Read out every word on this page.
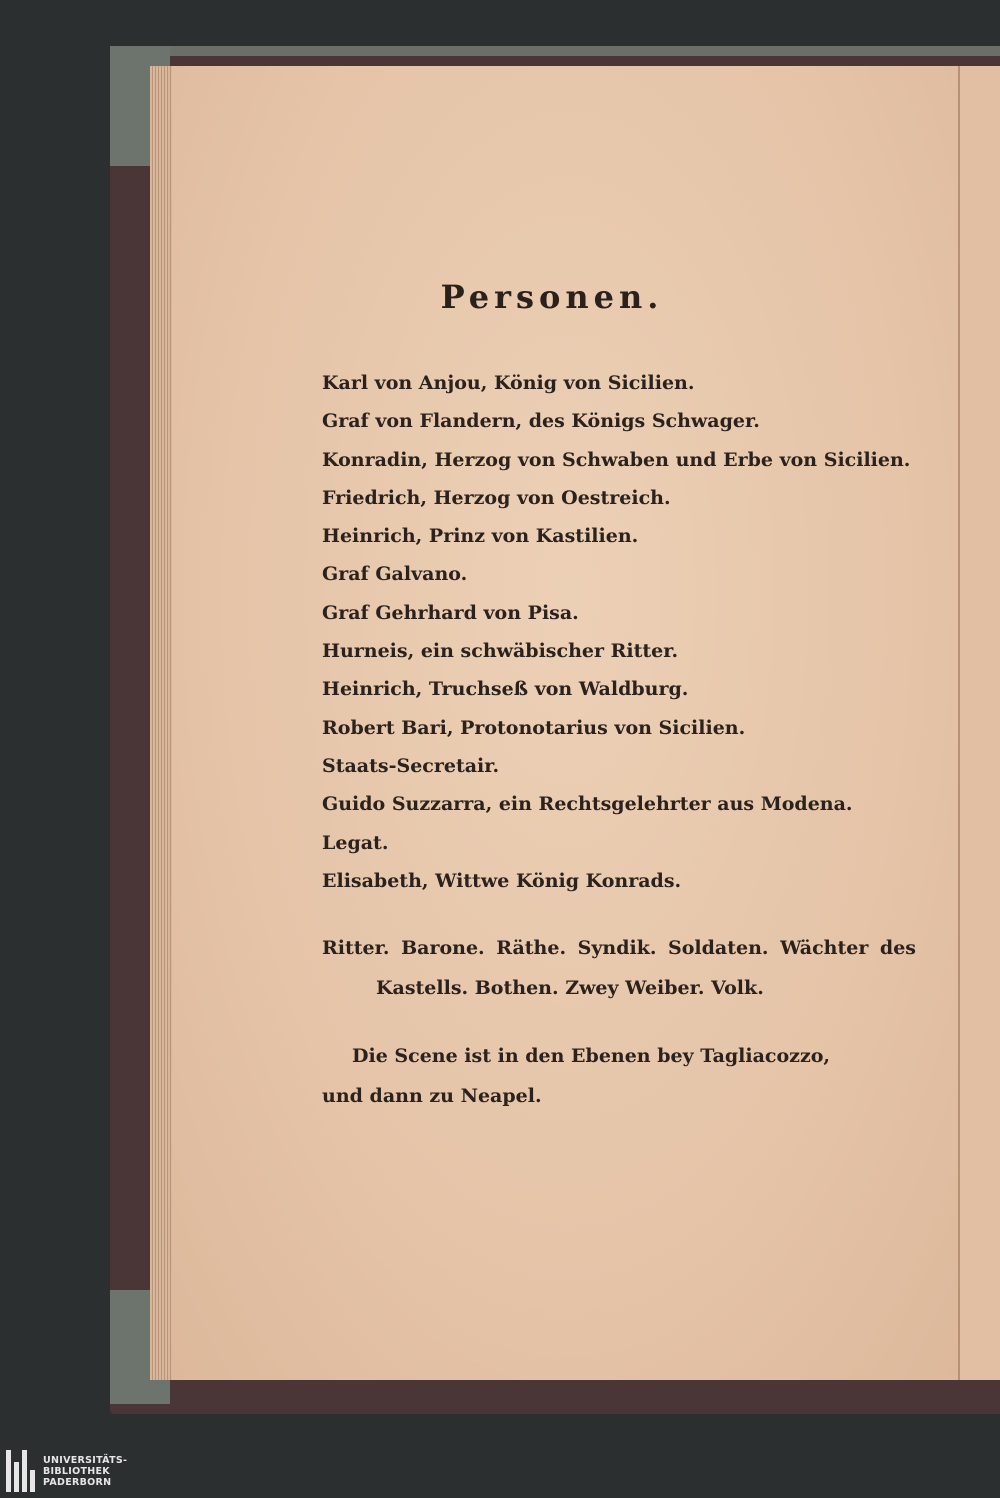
Personen.
Karl von Anjou, König von Sicilien.
Graf von Flandern, des Königs Schwager.
Konradin, Herzog von Schwaben und Erbe von Sicilien.
Friedrich, Herzog von Oestreich.
Heinrich, Prinz von Kastilien.
Graf Galvano.
Graf Gehrhard von Pisa.
Hurneis, ein schwäbischer Ritter.
Heinrich, Truchseß von Waldburg.
Robert Bari, Protonotarius von Sicilien.
Staats-Secretair.
Guido Suzzarra, ein Rechtsgelehrter aus Modena.
Legat.
Elisabeth, Wittwe König Konrads.

Ritter. Barone. Räthe. Syndik. Soldaten. Wächter des Kastells. Bothen. Zwey Weiber. Volk.

Die Scene ist in den Ebenen bey Tagliacozzo, und dann zu Neapel.

UNIVERSITÄTS-
BIBLIOTHEK
PADERBORN
